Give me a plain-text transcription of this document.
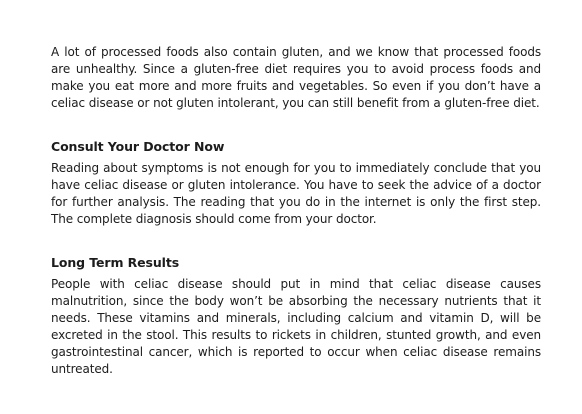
A lot of processed foods also contain gluten, and we know that processed foods are unhealthy. Since a gluten-free diet requires you to avoid process foods and make you eat more and more fruits and vegetables. So even if you don’t have a celiac disease or not gluten intolerant, you can still benefit from a gluten-free diet.

Consult Your Doctor Now

Reading about symptoms is not enough for you to immediately conclude that you have celiac disease or gluten intolerance. You have to seek the advice of a doctor for further analysis. The reading that you do in the internet is only the first step. The complete diagnosis should come from your doctor.

Long Term Results

People with celiac disease should put in mind that celiac disease causes malnutrition, since the body won’t be absorbing the necessary nutrients that it needs. These vitamins and minerals, including calcium and vitamin D, will be excreted in the stool. This results to rickets in children, stunted growth, and even gastrointestinal cancer, which is reported to occur when celiac disease remains untreated.
